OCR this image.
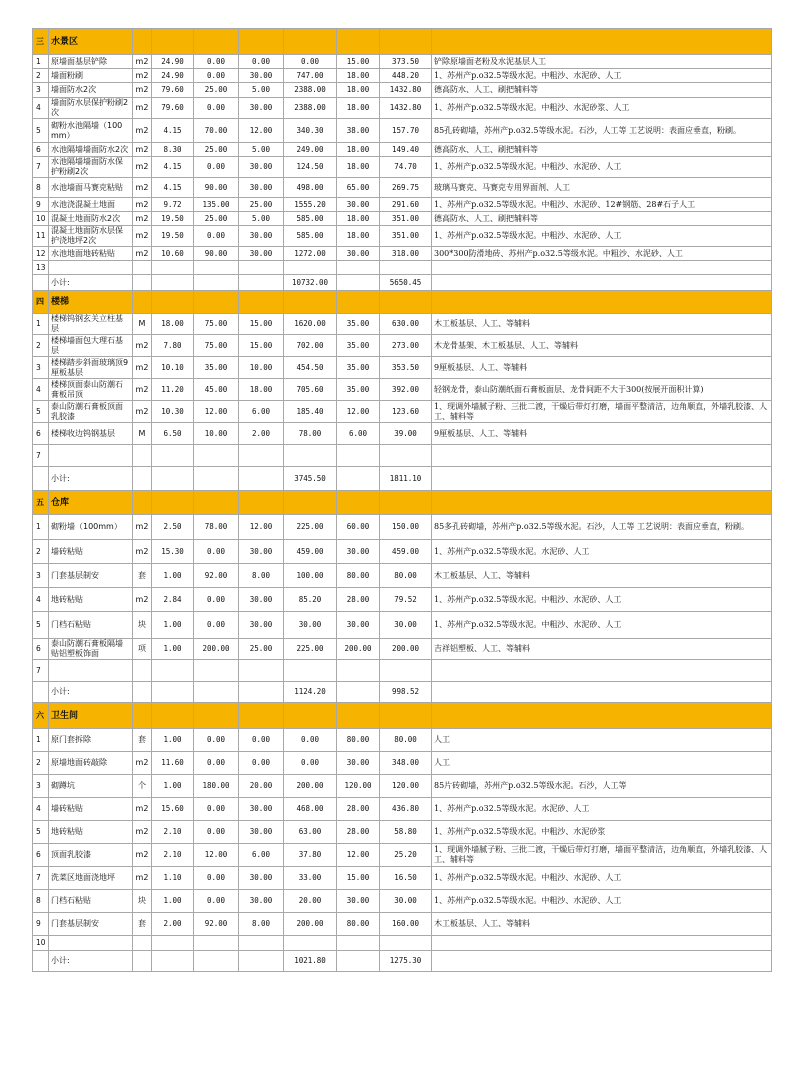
三	水景区								
1	原墙面基层铲除	m2	24.90	0.00	0.00	0.00	15.00	373.50	铲除原墙面老粉及水泥基层人工
2	墙面粉刷	m2	24.90	0.00	30.00	747.00	18.00	448.20	1、苏州产p.o32.5等级水泥。中粗沙、水泥砂、人工
3	墙面防水2次	m2	79.60	25.00	5.00	2388.00	18.00	1432.80	德高防水、人工、刷把辅料等
4	墙面防水层保护粉刷2次	m2	79.60	0.00	30.00	2388.00	18.00	1432.80	1、苏州产p.o32.5等级水泥。中粗沙、水泥砂浆、人工
5	砌粉水池隔墙（100mm）	m2	4.15	70.00	12.00	340.30	38.00	157.70	85孔砖砌墙，苏州产p.o32.5等级水泥。石沙，人工等 工艺说明：表面应垂直，粉刷。
6	水池隔墙墙面防水2次	m2	8.30	25.00	5.00	249.00	18.00	149.40	德高防水、人工、刷把辅料等
7	水池隔墙墙面防水保护粉刷2次	m2	4.15	0.00	30.00	124.50	18.00	74.70	1、苏州产p.o32.5等级水泥。中粗沙、水泥砂、人工
8	水池墙面马赛克粘贴	m2	4.15	90.00	30.00	498.00	65.00	269.75	玻璃马赛克、马赛克专用界面剂、人工
9	水池浇混凝土地面	m2	9.72	135.00	25.00	1555.20	30.00	291.60	1、苏州产p.o32.5等级水泥。中粗沙、水泥砂、12#钢筋、28#石子人工
10	混凝土地面防水2次	m2	19.50	25.00	5.00	585.00	18.00	351.00	德高防水、人工、刷把辅料等
11	混凝土地面防水层保护浇地坪2次	m2	19.50	0.00	30.00	585.00	18.00	351.00	1、苏州产p.o32.5等级水泥。中粗沙、水泥砂、人工
12	水池地面地砖粘贴	m2	10.60	90.00	30.00	1272.00	30.00	318.00	300*300防滑地砖、苏州产p.o32.5等级水泥。中粗沙、水泥砂、人工
13									
	小计:					10732.00		5650.45	
四	楼梯								
1	楼梯钨钢玄关立柱基层	M	18.00	75.00	15.00	1620.00	35.00	630.00	木工板基层、人工、等辅料
2	楼梯墙面包大理石基层	m2	7.80	75.00	15.00	702.00	35.00	273.00	木龙骨基架、木工板基层、人工、等辅料
3	楼梯踏步斜面玻璃顶9厘板基层	m2	10.10	35.00	10.00	454.50	35.00	353.50	9厘板基层、人工、等辅料
4	楼梯顶面泰山防潮石膏板吊顶	m2	11.20	45.00	18.00	705.60	35.00	392.00	轻钢龙骨，泰山防潮纸面石膏板面层、龙骨间距不大于300(按展开面积计算)
5	泰山防潮石膏板顶面乳胶漆	m2	10.30	12.00	6.00	185.40	12.00	123.60	1、现调外墙腻子粉、三批二渡，干燥后带灯打磨，墙面平整清洁，边角顺直，外墙乳胶漆、人工、辅料等
6	楼梯收边钨钢基层	M	6.50	10.00	2.00	78.00	6.00	39.00	9厘板基层、人工、等辅料
7									
	小计:					3745.50		1811.10	
五	仓库								
1	砌粉墙（100mm）	m2	2.50	78.00	12.00	225.00	60.00	150.00	85多孔砖砌墙，苏州产p.o32.5等级水泥。石沙，人工等 工艺说明：表面应垂直，粉刷。
2	墙砖粘贴	m2	15.30	0.00	30.00	459.00	30.00	459.00	1、苏州产p.o32.5等级水泥。水泥砂、人工
3	门套基层制安	套	1.00	92.00	8.00	100.00	80.00	80.00	木工板基层、人工、等辅料
4	地砖粘贴	m2	2.84	0.00	30.00	85.20	28.00	79.52	1、苏州产p.o32.5等级水泥。中粗沙、水泥砂、人工
5	门档石粘贴	块	1.00	0.00	30.00	30.00	30.00	30.00	1、苏州产p.o32.5等级水泥。中粗沙、水泥砂、人工
6	泰山防潮石膏板隔墙贴铝塑板饰面	项	1.00	200.00	25.00	225.00	200.00	200.00	吉祥铝塑板、人工、等辅料
7									
	小计:					1124.20		998.52	
六	卫生间								
1	原门套拆除	套	1.00	0.00	0.00	0.00	80.00	80.00	人工
2	原墙地面砖敲除	m2	11.60	0.00	0.00	0.00	30.00	348.00	人工
3	砌蹲坑	个	1.00	180.00	20.00	200.00	120.00	120.00	85片砖砌墙，苏州产p.o32.5等级水泥。石沙，人工等
4	墙砖粘贴	m2	15.60	0.00	30.00	468.00	28.00	436.80	1、苏州产p.o32.5等级水泥。水泥砂、人工
5	地砖粘贴	m2	2.10	0.00	30.00	63.00	28.00	58.80	1、苏州产p.o32.5等级水泥。中粗沙、水泥砂浆
6	顶面乳胶漆	m2	2.10	12.00	6.00	37.80	12.00	25.20	1、现调外墙腻子粉、三批二渡，干燥后带灯打磨，墙面平整清洁，边角顺直，外墙乳胶漆、人工、辅料等
7	洗菜区地面浇地坪	m2	1.10	0.00	30.00	33.00	15.00	16.50	1、苏州产p.o32.5等级水泥。中粗沙、水泥砂、人工
8	门档石粘贴	块	1.00	0.00	30.00	20.00	30.00	30.00	1、苏州产p.o32.5等级水泥。中粗沙、水泥砂、人工
9	门套基层制安	套	2.00	92.00	8.00	200.00	80.00	160.00	木工板基层、人工、等辅料
10									
	小计:					1021.80		1275.30	
